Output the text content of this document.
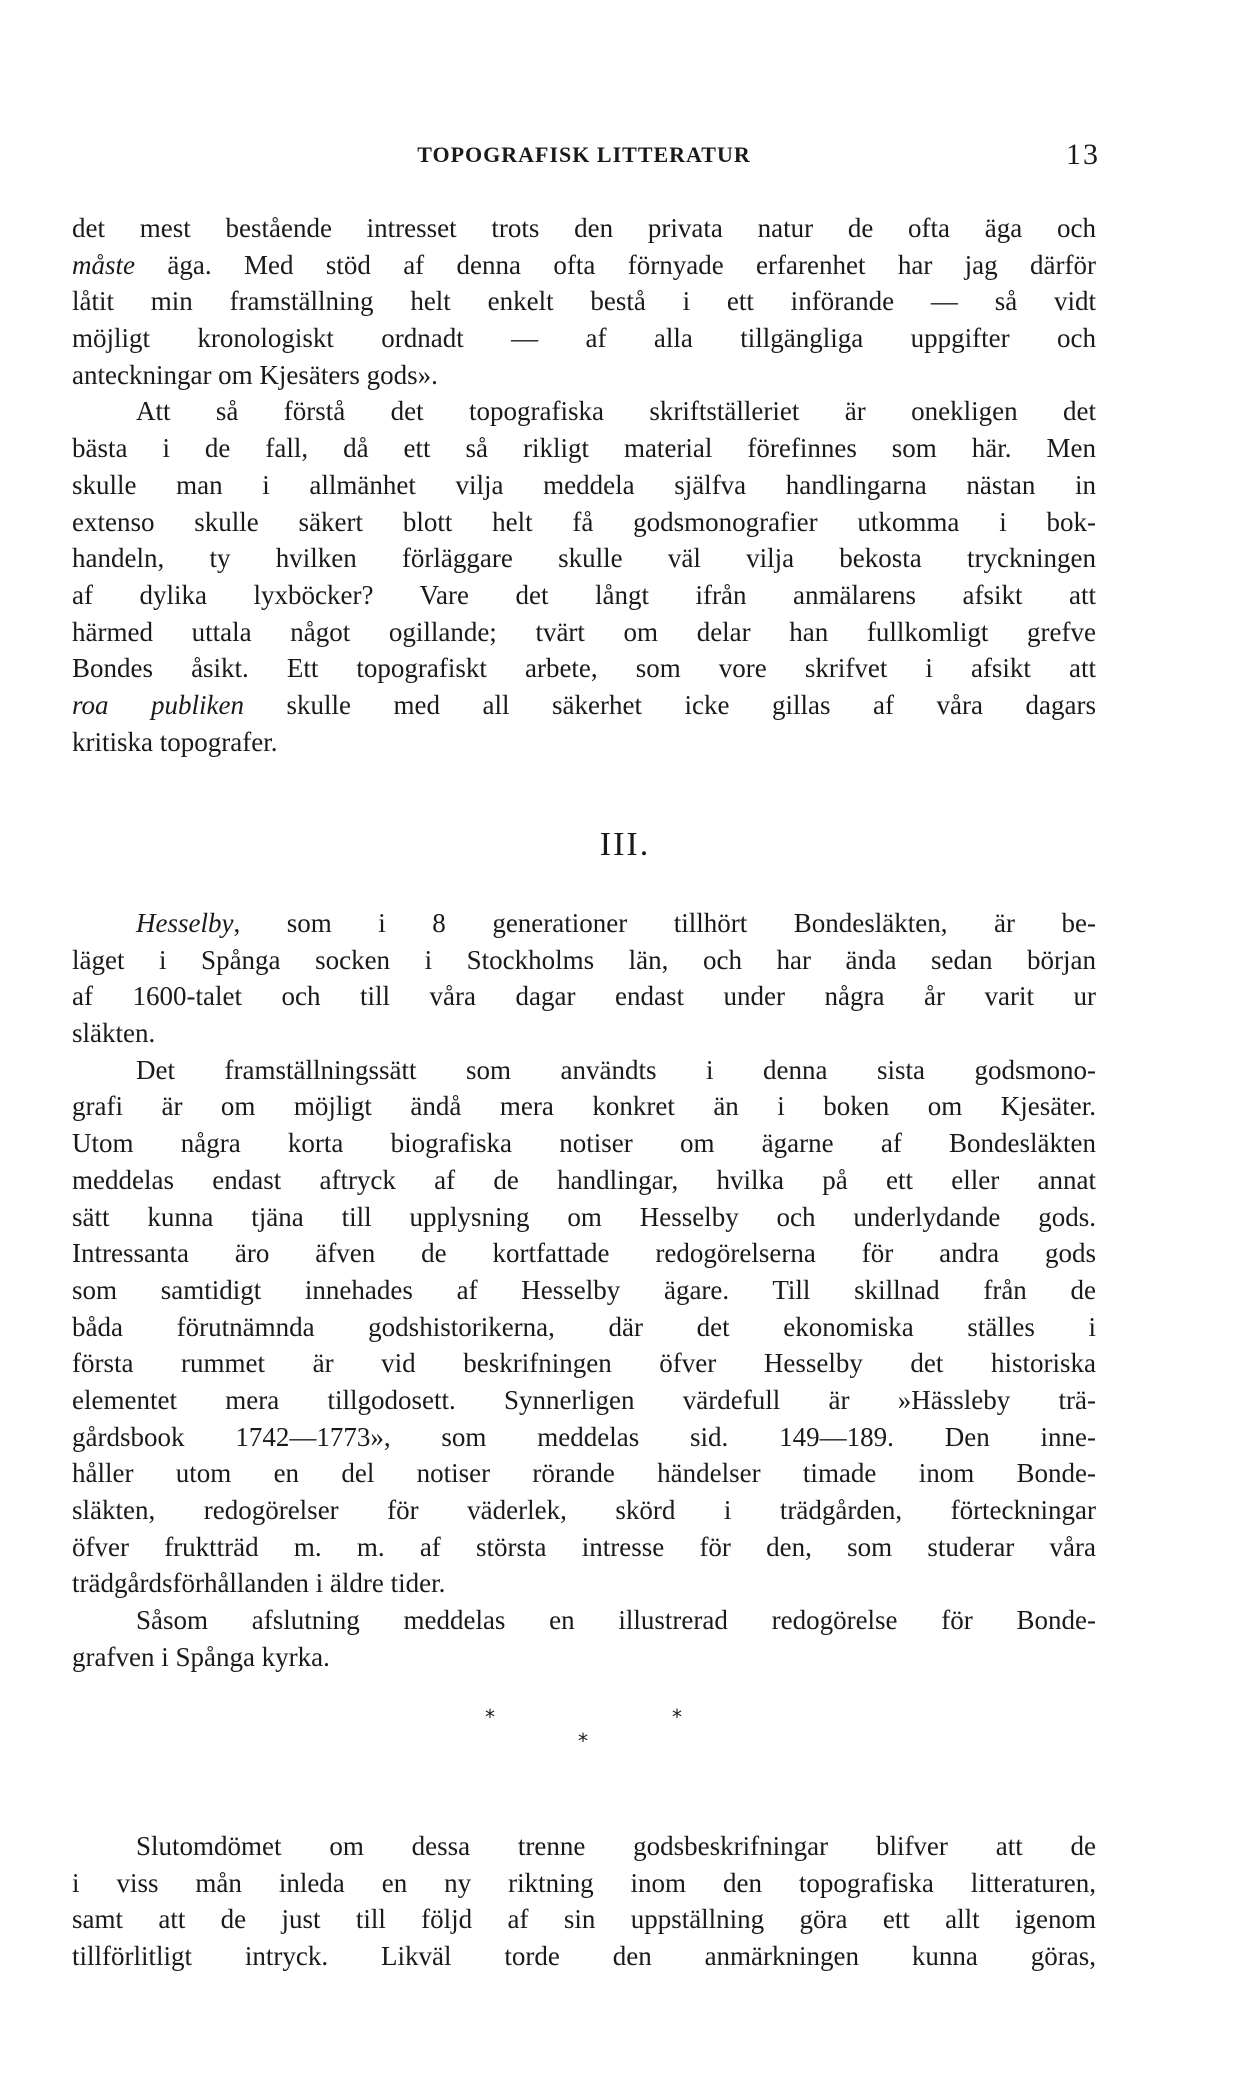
TOPOGRAFISK LITTERATUR	13
det mest bestående intresset trots den privata natur de ofta äga och
måste äga. Med stöd af denna ofta förnyade erfarenhet har jag därför
låtit min framställning helt enkelt bestå i ett införande — så vidt
möjligt kronologiskt ordnadt — af alla tillgängliga uppgifter och
anteckningar om Kjesäters gods».
Att så förstå det topografiska skriftställeriet är onekligen det
bästa i de fall, då ett så rikligt material förefinnes som här. Men
skulle man i allmänhet vilja meddela själfva handlingarna nästan in
extenso skulle säkert blott helt få godsmonografier utkomma i bok-
handeln, ty hvilken förläggare skulle väl vilja bekosta tryckningen
af dylika lyxböcker? Vare det långt ifrån anmälarens afsikt att
härmed uttala något ogillande; tvärt om delar han fullkomligt grefve
Bondes åsikt. Ett topografiskt arbete, som vore skrifvet i afsikt att
roa publiken skulle med all säkerhet icke gillas af våra dagars
kritiska topografer.
III.
Hesselby, som i 8 generationer tillhört Bondesläkten, är be-
läget i Spånga socken i Stockholms län, och har ända sedan början
af 1600-talet och till våra dagar endast under några år varit ur
släkten.
Det framställningssätt som användts i denna sista godsmono-
grafi är om möjligt ändå mera konkret än i boken om Kjesäter.
Utom några korta biografiska notiser om ägarne af Bondesläkten
meddelas endast aftryck af de handlingar, hvilka på ett eller annat
sätt kunna tjäna till upplysning om Hesselby och underlydande gods.
Intressanta äro äfven de kortfattade redogörelserna för andra gods
som samtidigt innehades af Hesselby ägare. Till skillnad från de
båda förutnämnda godshistorikerna, där det ekonomiska ställes i
första rummet är vid beskrifningen öfver Hesselby det historiska
elementet mera tillgodosett. Synnerligen värdefull är »Hässleby trä-
gårdsbook 1742—1773», som meddelas sid. 149—189. Den inne-
håller utom en del notiser rörande händelser timade inom Bonde-
släkten, redogörelser för väderlek, skörd i trädgården, förteckningar
öfver fruktträd m. m. af största intresse för den, som studerar våra
trädgårdsförhållanden i äldre tider.
Såsom afslutning meddelas en illustrerad redogörelse för Bonde-
grafven i Spånga kyrka.
*	*
*
Slutomdömet om dessa trenne godsbeskrifningar blifver att de
i viss mån inleda en ny riktning inom den topografiska litteraturen,
samt att de just till följd af sin uppställning göra ett allt igenom
tillförlitligt intryck. Likväl torde den anmärkningen kunna göras,
